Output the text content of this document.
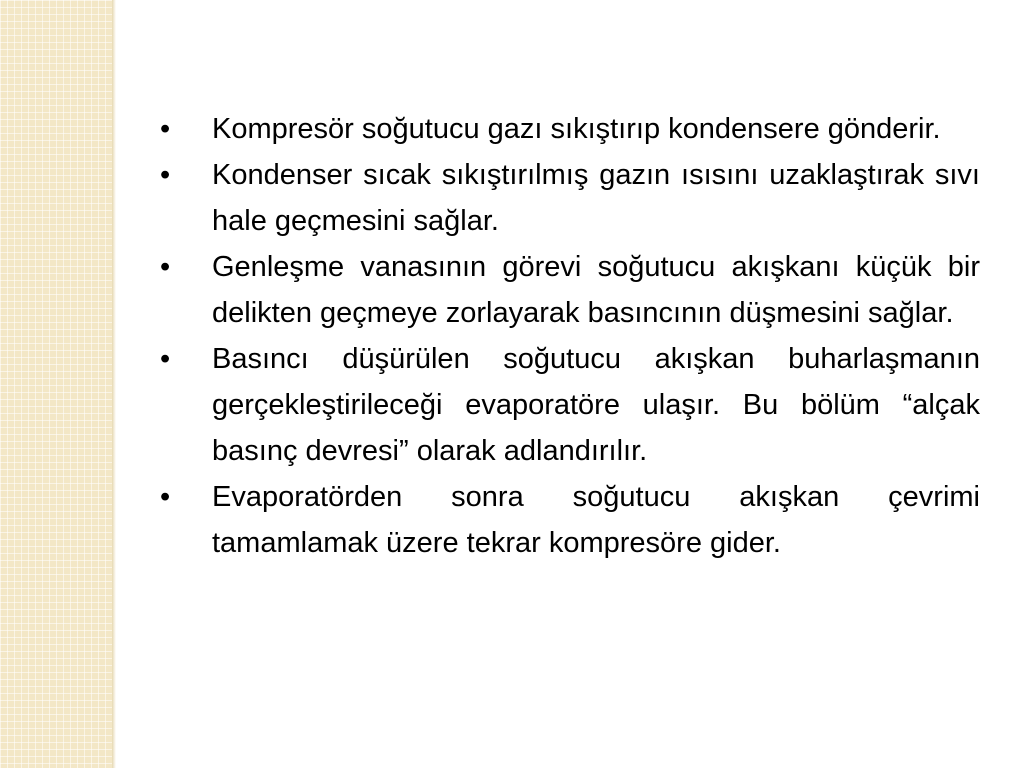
•	Kompresör soğutucu gazı sıkıştırıp kondensere gönderir.
•	Kondenser sıcak sıkıştırılmış gazın ısısını uzaklaştırak sıvı hale geçmesini sağlar.
•	Genleşme vanasının görevi soğutucu akışkanı küçük bir delikten geçmeye zorlayarak basıncının düşmesini sağlar.
•	Basıncı düşürülen soğutucu akışkan buharlaşmanın gerçekleştirileceği evaporatöre ulaşır. Bu bölüm “alçak basınç devresi” olarak adlandırılır.
•	Evaporatörden sonra soğutucu akışkan çevrimi tamamlamak üzere tekrar kompresöre gider.
